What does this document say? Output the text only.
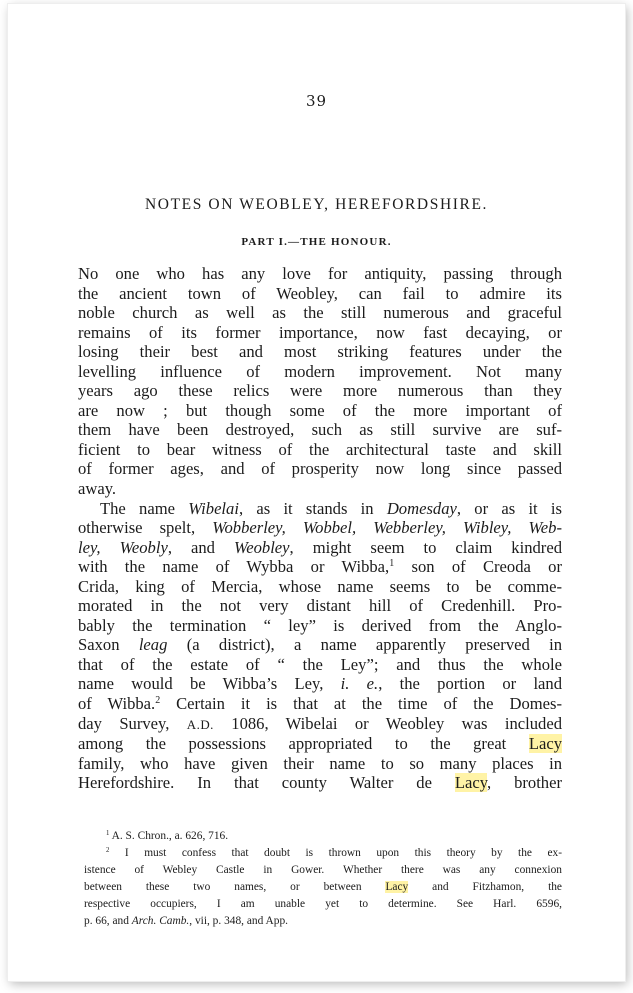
39
NOTES ON WEOBLEY, HEREFORDSHIRE.
PART I.—THE HONOUR.
No one who has any love for antiquity, passing through
the ancient town of Weobley, can fail to admire its
noble church as well as the still numerous and graceful
remains of its former importance, now fast decaying, or
losing their best and most striking features under the
levelling influence of modern improvement. Not many
years ago these relics were more numerous than they
are now ; but though some of the more important of
them have been destroyed, such as still survive are suf-
ficient to bear witness of the architectural taste and skill
of former ages, and of prosperity now long since passed
away.
The name Wibelai, as it stands in Domesday, or as it is
otherwise spelt, Wobberley, Wobbel, Webberley, Wibley, Web-
ley, Weobly, and Weobley, might seem to claim kindred
with the name of Wybba or Wibba,$^1$ son of Creoda or
Crida, king of Mercia, whose name seems to be comme-
morated in the not very distant hill of Credenhill. Pro-
bably the termination “ ley” is derived from the Anglo-
Saxon leag (a district), a name apparently preserved in
that of the estate of “ the Ley”; and thus the whole
name would be Wibba’s Ley, i. e., the portion or land
of Wibba.$^2$ Certain it is that at the time of the Domes-
day Survey, A.D. 1086, Wibelai or Weobley was included
among the possessions appropriated to the great Lacy
family, who have given their name to so many places in
Herefordshire. In that county Walter de Lacy, brother
$^1$ A. S. Chron., a. 626, 716.
$^2$ I must confess that doubt is thrown upon this theory by the ex-
istence of Webley Castle in Gower. Whether there was any connexion
between these two names, or between Lacy and Fitzhamon, the
respective occupiers, I am unable yet to determine. See Harl. 6596,
p. 66, and Arch. Camb., vii, p. 348, and App.
